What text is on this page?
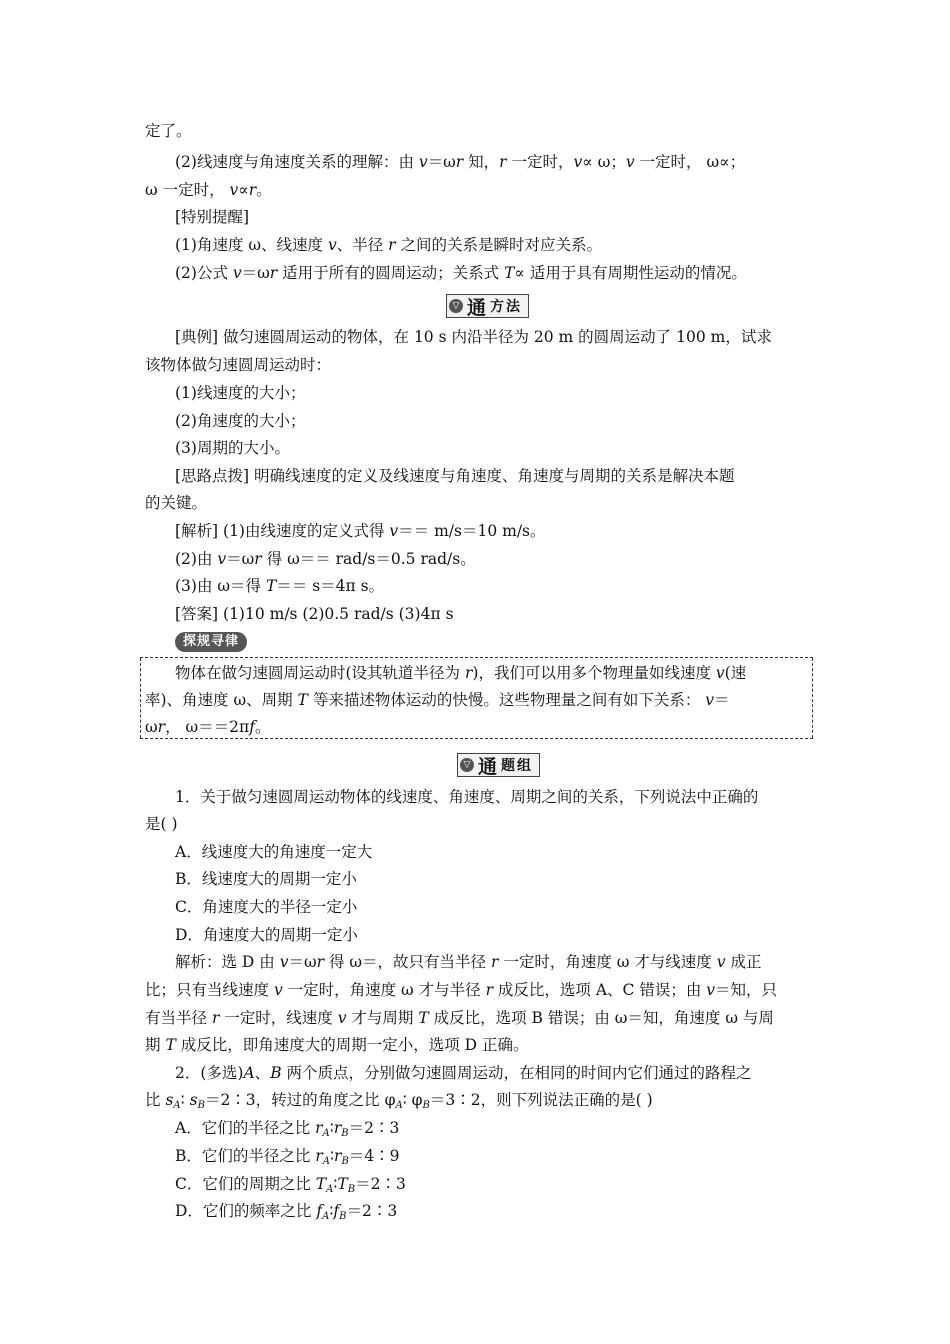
定了。
(2)线速度与角速度关系的理解：由 v＝ωr 知，r 一定时，v∝ ω；v 一定时， ω∝；
ω 一定时， v∝r。
[特别提醒]
(1)角速度 ω、线速度 v、半径 r 之间的关系是瞬时对应关系。
(2)公式 v＝ωr 适用于所有的圆周运动；关系式 T∝ 适用于具有周期性运动的情况。
▽ 通 方法
[典例] 做匀速圆周运动的物体，在 10 s 内沿半径为 20 m 的圆周运动了 100 m，试求
该物体做匀速圆周运动时：
(1)线速度的大小；
(2)角速度的大小；
(3)周期的大小。
[思路点拨] 明确线速度的定义及线速度与角速度、角速度与周期的关系是解决本题
的关键。
[解析] (1)由线速度的定义式得 v＝＝ m/s＝10 m/s。
(2)由 v＝ωr 得 ω＝＝ rad/s＝0.5 rad/s。
(3)由 ω＝得 T＝＝ s＝4π s。
[答案] (1)10 m/s (2)0.5 rad/s (3)4π s
探规寻律
物体在做匀速圆周运动时(设其轨道半径为 r)，我们可以用多个物理量如线速度 v(速
率)、角速度 ω、周期 T 等来描述物体运动的快慢。这些物理量之间有如下关系： v＝
ωr， ω＝＝2πf。
▽ 通 题组
1．关于做匀速圆周运动物体的线速度、角速度、周期之间的关系，下列说法中正确的
是( )
A．线速度大的角速度一定大
B．线速度大的周期一定小
C．角速度大的半径一定小
D．角速度大的周期一定小
解析：选 D 由 v＝ωr 得 ω＝，故只有当半径 r 一定时，角速度 ω 才与线速度 v 成正
比；只有当线速度 v 一定时，角速度 ω 才与半径 r 成反比，选项 A、C 错误；由 v＝知，只
有当半径 r 一定时，线速度 v 才与周期 T 成反比，选项 B 错误；由 ω＝知，角速度 ω 与周
期 T 成反比，即角速度大的周期一定小，选项 D 正确。
2．(多选)A、B 两个质点，分别做匀速圆周运动，在相同的时间内它们通过的路程之
比 $s_A∶$ $s_B=2∶3$，转过的角度之比 $\varphi_A∶$ $\varphi_B=3∶2$，则下列说法正确的是( )
A．它们的半径之比 $r_A∶r_B=2∶3$
B．它们的半径之比 $r_A∶r_B=4∶9$
C．它们的周期之比 $T_A∶T_B=2∶3$
D．它们的频率之比 $f_A∶f_B=2∶3$
